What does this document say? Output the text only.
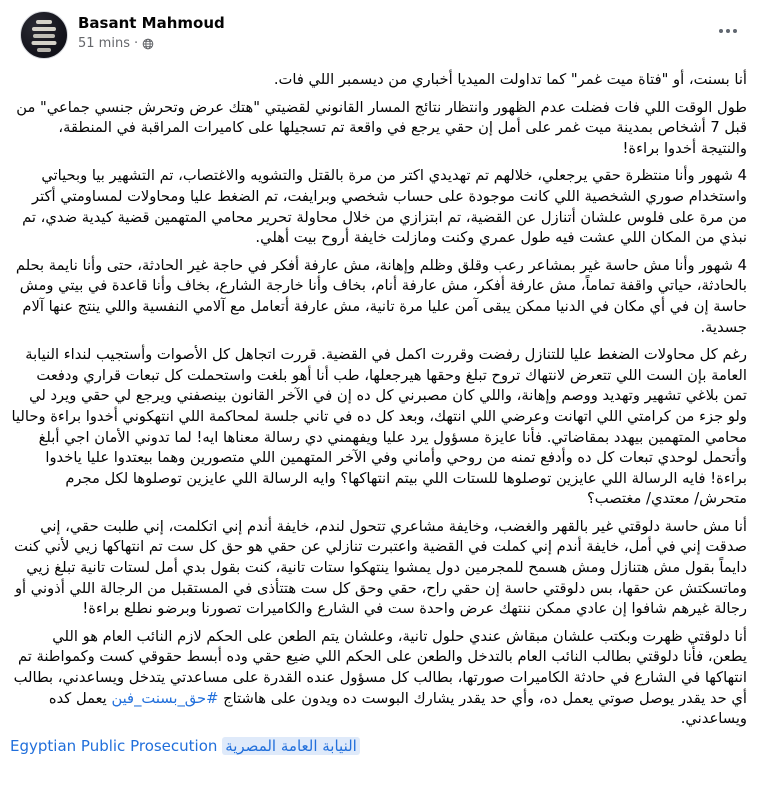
Basant Mahmoud
51 mins ·

أنا بسنت، أو "فتاة ميت غمر" كما تداولت الميديا أخباري من ديسمبر اللي فات.

طول الوقت اللي فات فضلت عدم الظهور وانتظار نتائج المسار القانوني لقضيتي "هتك عرض وتحرش جنسي جماعي" من قبل 7 أشخاص بمدينة ميت غمر على أمل إن حقي يرجع في واقعة تم تسجيلها على كاميرات المراقبة في المنطقة، والنتيجة أخدوا براءة!

4 شهور وأنا منتظرة حقي يرجعلي، خلالهم تم تهديدي اكتر من مرة بالقتل والتشويه والاغتصاب، تم التشهير بيا وبحياتي واستخدام صوري الشخصية اللي كانت موجودة على حساب شخصي وبرايفت، تم الضغط عليا ومحاولات لمساومتي أكتر من مرة على فلوس علشان أتنازل عن القضية، تم ابتزازي من خلال محاولة تحرير محامي المتهمين قضية كيدية ضدي، تم نبذي من المكان اللي عشت فيه طول عمري وكنت ومازلت خايفة أروح بيت أهلي.

4 شهور وأنا مش حاسة غير بمشاعر رعب وقلق وظلم وإهانة، مش عارفة أفكر في حاجة غير الحادثة، حتى وأنا نايمة بحلم بالحادثة، حياتي واقفة تماماً، مش عارفة أفكر، مش عارفة أنام، بخاف وأنا خارجة الشارع، بخاف وأنا قاعدة في بيتي ومش حاسة إن في أي مكان في الدنيا ممكن يبقى آمن عليا مرة تانية، مش عارفة أتعامل مع آلامي النفسية واللي ينتج عنها آلام جسدية.

رغم كل محاولات الضغط عليا للتنازل رفضت وقررت اكمل في القضية. قررت اتجاهل كل الأصوات وأستجيب لنداء النيابة العامة بإن الست اللي تتعرض لانتهاك تروح تبلغ وحقها هيرجعلها، طب أنا أهو بلغت واستحملت كل تبعات قراري ودفعت تمن بلاغي تشهير وتهديد ووصم وإهانة، واللي كان مصبرني كل ده إن في الآخر القانون بينصفني ويرجع لي حقي ويرد لي ولو جزء من كرامتي اللي اتهانت وعرضي اللي انتهك، وبعد كل ده في تاني جلسة لمحاكمة اللي انتهكوني أخدوا براءة وحاليا محامي المتهمين بيهدد بمقاضاتي. فأنا عايزة مسؤول يرد عليا ويفهمني دي رسالة معناها ايه! لما تدوني الأمان اجي أبلغ وأتحمل لوحدي تبعات كل ده وأدفع تمنه من روحي وأماني وفي الآخر المتهمين اللي متصورين وهما بيعتدوا عليا ياخدوا براءة! فايه الرسالة اللي عايزين توصلوها للستات اللي بيتم انتهاكها؟ وايه الرسالة اللي عايزين توصلوها لكل مجرم متحرش/ معتدي/ مغتصب؟

أنا مش حاسة دلوقتي غير بالقهر والغضب، وخايفة مشاعري تتحول لندم، خايفة أندم إني اتكلمت، إني طلبت حقي، إني صدقت إني في أمل، خايفة أندم إني كملت في القضية واعتبرت تنازلي عن حقي هو حق كل ست تم انتهاكها زيي لأني كنت دايماً بقول مش هتنازل ومش هسمح للمجرمين دول يمشوا ينتهكوا ستات تانية، كنت بقول بدي أمل لستات تانية تبلغ زيي وماتسكتش عن حقها، بس دلوقتي حاسة إن حقي راح، حقي وحق كل ست هتتأذى في المستقبل من الرجالة اللي أذوني أو رجالة غيرهم شافوا إن عادي ممكن ننتهك عرض واحدة ست في الشارع والكاميرات تصورنا وبرضو نطلع براءة!

أنا دلوقتي ظهرت وبكتب علشان مبقاش عندي حلول تانية، وعلشان يتم الطعن على الحكم لازم النائب العام هو اللي يطعن، فأنا دلوقتي بطالب النائب العام بالتدخل والطعن على الحكم اللي ضيع حقي وده أبسط حقوقي كست وكمواطنة تم انتهاكها في الشارع في حادثة الكاميرات صورتها، بطالب كل مسؤول عنده القدرة على مساعدتي يتدخل ويساعدني، بطالب أي حد يقدر يوصل صوتي يعمل ده، وأي حد يقدر يشارك البوست ده ويدون على هاشتاج #حق_بسنت_فين يعمل كده ويساعدني.

Egyptian Public Prosecution النيابة العامة المصرية
